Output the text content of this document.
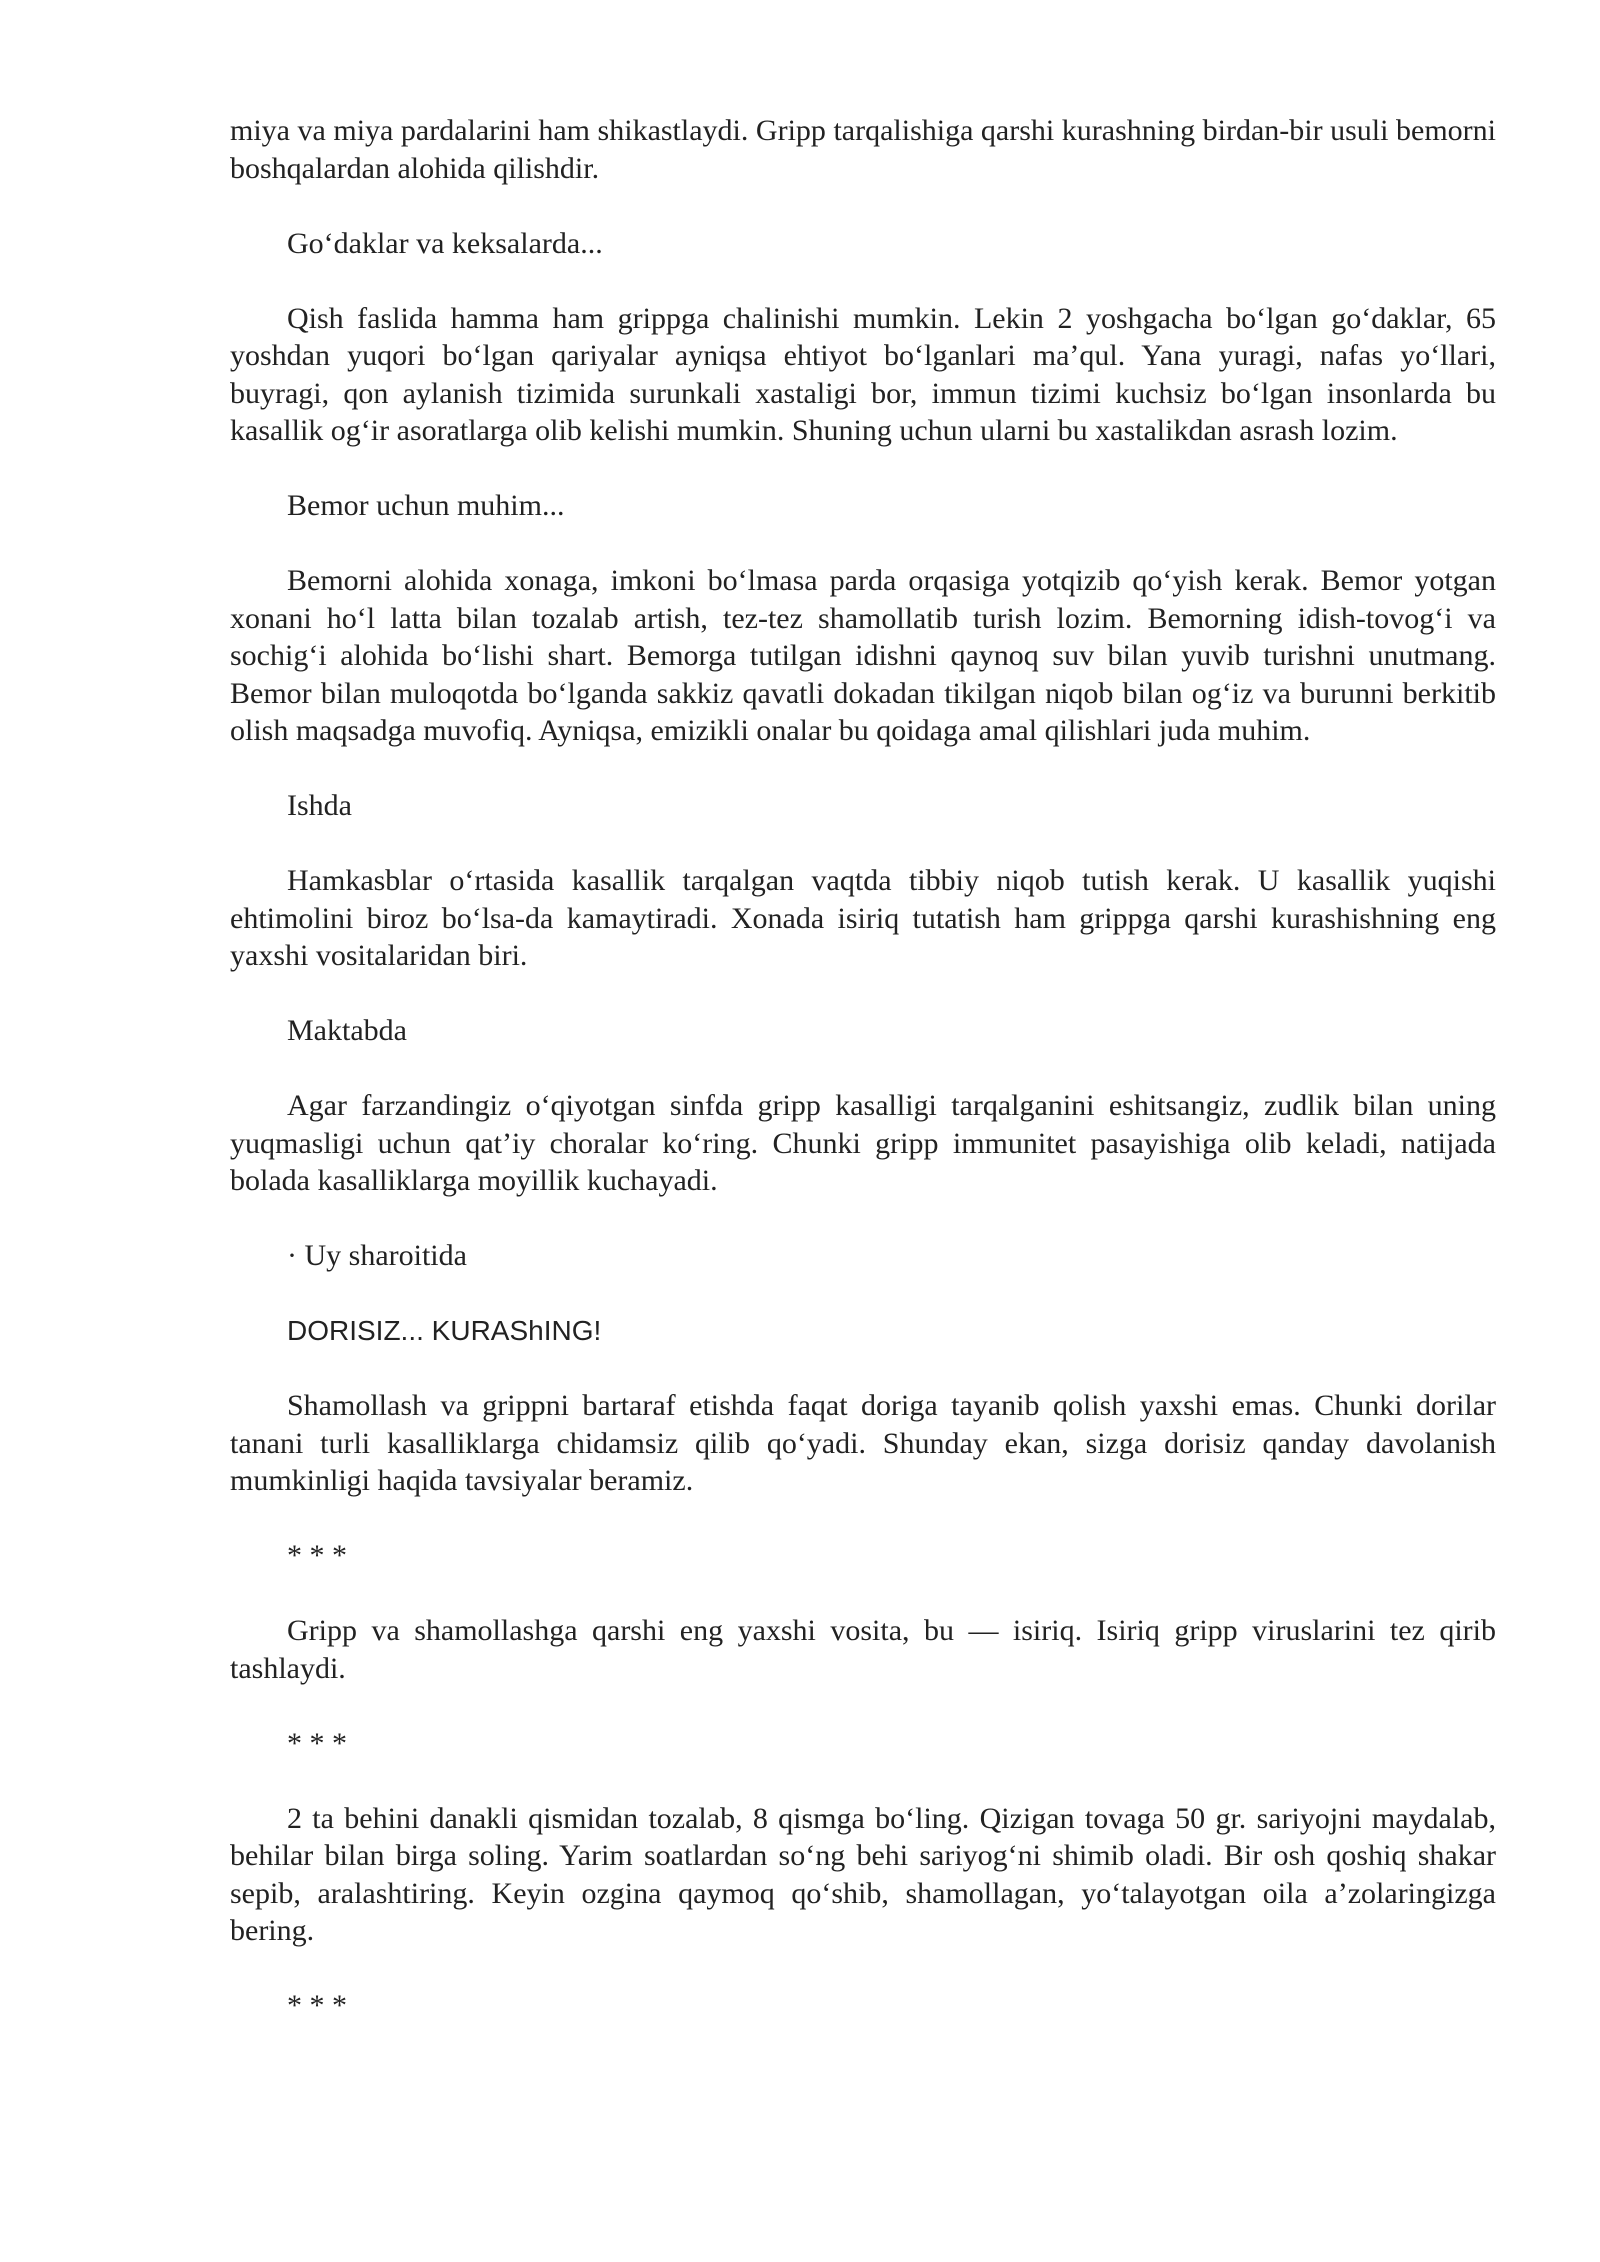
miya va miya pardalarini ham shikastlaydi. Gripp tarqalishiga qarshi kurashning birdan-bir usuli bemorni boshqalardan alohida qilishdir.

Go‘daklar va keksalarda...

Qish faslida hamma ham grippga chalinishi mumkin. Lekin 2 yoshgacha bo‘lgan go‘daklar, 65 yoshdan yuqori bo‘lgan qariyalar ayniqsa ehtiyot bo‘lganlari ma’qul. Yana yuragi, nafas yo‘llari, buyragi, qon aylanish tizimida surunkali xastaligi bor, immun tizimi kuchsiz bo‘lgan insonlarda bu kasallik og‘ir asoratlarga olib kelishi mumkin. Shuning uchun ularni bu xastalikdan asrash lozim.

Bemor uchun muhim...

Bemorni alohida xonaga, imkoni bo‘lmasa parda orqasiga yotqizib qo‘yish kerak. Bemor yotgan xonani ho‘l latta bilan tozalab artish, tez-tez shamollatib turish lozim. Bemorning idish-tovog‘i va sochig‘i alohida bo‘lishi shart. Bemorga tutilgan idishni qaynoq suv bilan yuvib turishni unutmang. Bemor bilan muloqotda bo‘lganda sakkiz qavatli dokadan tikilgan niqob bilan og‘iz va burunni berkitib olish maqsadga muvofiq. Ayniqsa, emizikli onalar bu qoidaga amal qilishlari juda muhim.

Ishda

Hamkasblar o‘rtasida kasallik tarqalgan vaqtda tibbiy niqob tutish kerak. U kasallik yuqishi ehtimolini biroz bo‘lsa-da kamaytiradi. Xonada isiriq tutatish ham grippga qarshi kurashishning eng yaxshi vositalaridan biri.

Maktabda

Agar farzandingiz o‘qiyotgan sinfda gripp kasalligi tarqalganini eshitsangiz, zudlik bilan uning yuqmasligi uchun qat’iy choralar ko‘ring. Chunki gripp immunitet pasayishiga olib keladi, natijada bolada kasalliklarga moyillik kuchayadi.

· Uy sharoitida

DORISIZ... KURAShING!

Shamollash va grippni bartaraf etishda faqat doriga tayanib qolish yaxshi emas. Chunki dorilar tanani turli kasalliklarga chidamsiz qilib qo‘yadi. Shunday ekan, sizga dorisiz qanday davolanish mumkinligi haqida tavsiyalar beramiz.

* * *

Gripp va shamollashga qarshi eng yaxshi vosita, bu — isiriq. Isiriq gripp viruslarini tez qirib tashlaydi.

* * *

2 ta behini danakli qismidan tozalab, 8 qismga bo‘ling. Qizigan tovaga 50 gr. sariyojni maydalab, behilar bilan birga soling. Yarim soatlardan so‘ng behi sariyog‘ni shimib oladi. Bir osh qoshiq shakar sepib, aralashtiring. Keyin ozgina qaymoq qo‘shib, shamollagan, yo‘talayotgan oila a’zolaringizga bering.

* * *
